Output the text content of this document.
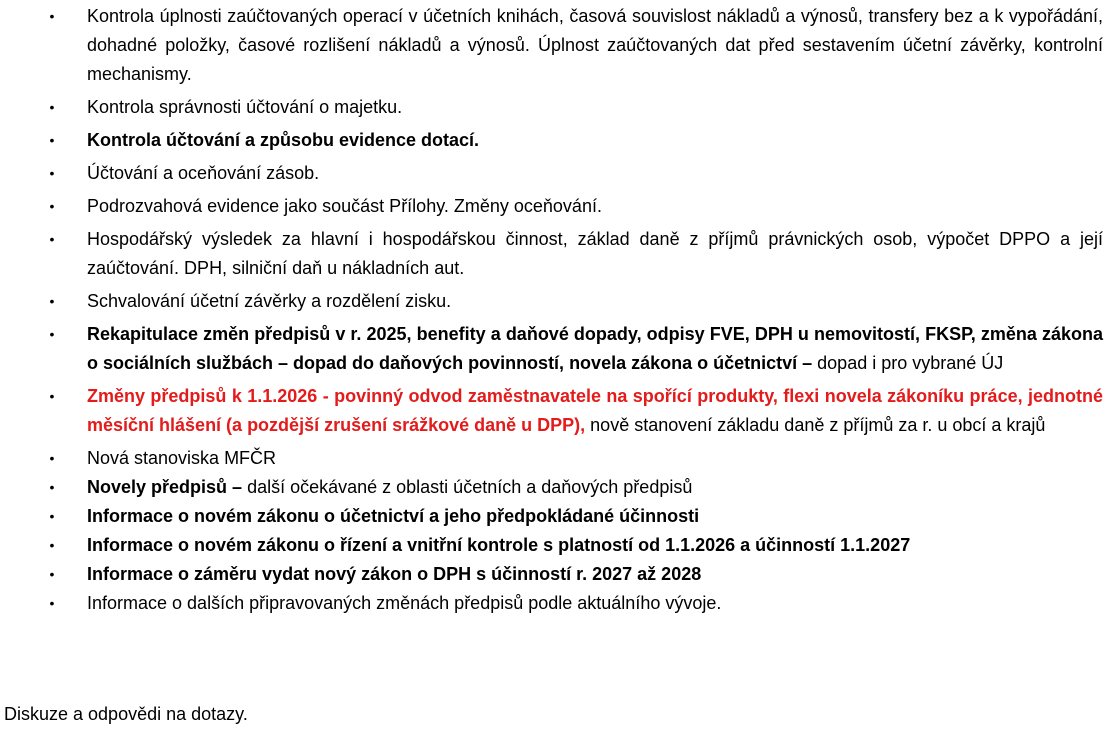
• Kontrola úplnosti zaúčtovaných operací v účetních knihách, časová souvislost nákladů a výnosů, transfery bez a k vypořádání, dohadné položky, časové rozlišení nákladů a výnosů. Úplnost zaúčtovaných dat před sestavením účetní závěrky, kontrolní mechanismy.
• Kontrola správnosti účtování o majetku.
• Kontrola účtování a způsobu evidence dotací.
• Účtování a oceňování zásob.
• Podrozvahová evidence jako součást Přílohy. Změny oceňování.
• Hospodářský výsledek za hlavní i hospodářskou činnost, základ daně z příjmů právnických osob, výpočet DPPO a její zaúčtování. DPH, silniční daň u nákladních aut.
• Schvalování účetní závěrky a rozdělení zisku.
• Rekapitulace změn předpisů v r. 2025, benefity a daňové dopady, odpisy FVE, DPH u nemovitostí, FKSP, změna zákona o sociálních službách – dopad do daňových povinností, novela zákona o účetnictví – dopad i pro vybrané ÚJ
• Změny předpisů k 1.1.2026 - povinný odvod zaměstnavatele na spořící produkty, flexi novela zákoníku práce, jednotné měsíční hlášení (a pozdější zrušení srážkové daně u DPP), nově stanovení základu daně z příjmů za r. u obcí a krajů
• Nová stanoviska MFČR
• Novely předpisů – další očekávané z oblasti účetních a daňových předpisů
• Informace o novém zákonu o účetnictví a jeho předpokládané účinnosti
• Informace o novém zákonu o řízení a vnitřní kontrole s platností od 1.1.2026 a účinností 1.1.2027
• Informace o záměru vydat nový zákon o DPH s účinností r. 2027 až 2028
• Informace o dalších připravovaných změnách předpisů podle aktuálního vývoje.
Diskuze a odpovědi na dotazy.
